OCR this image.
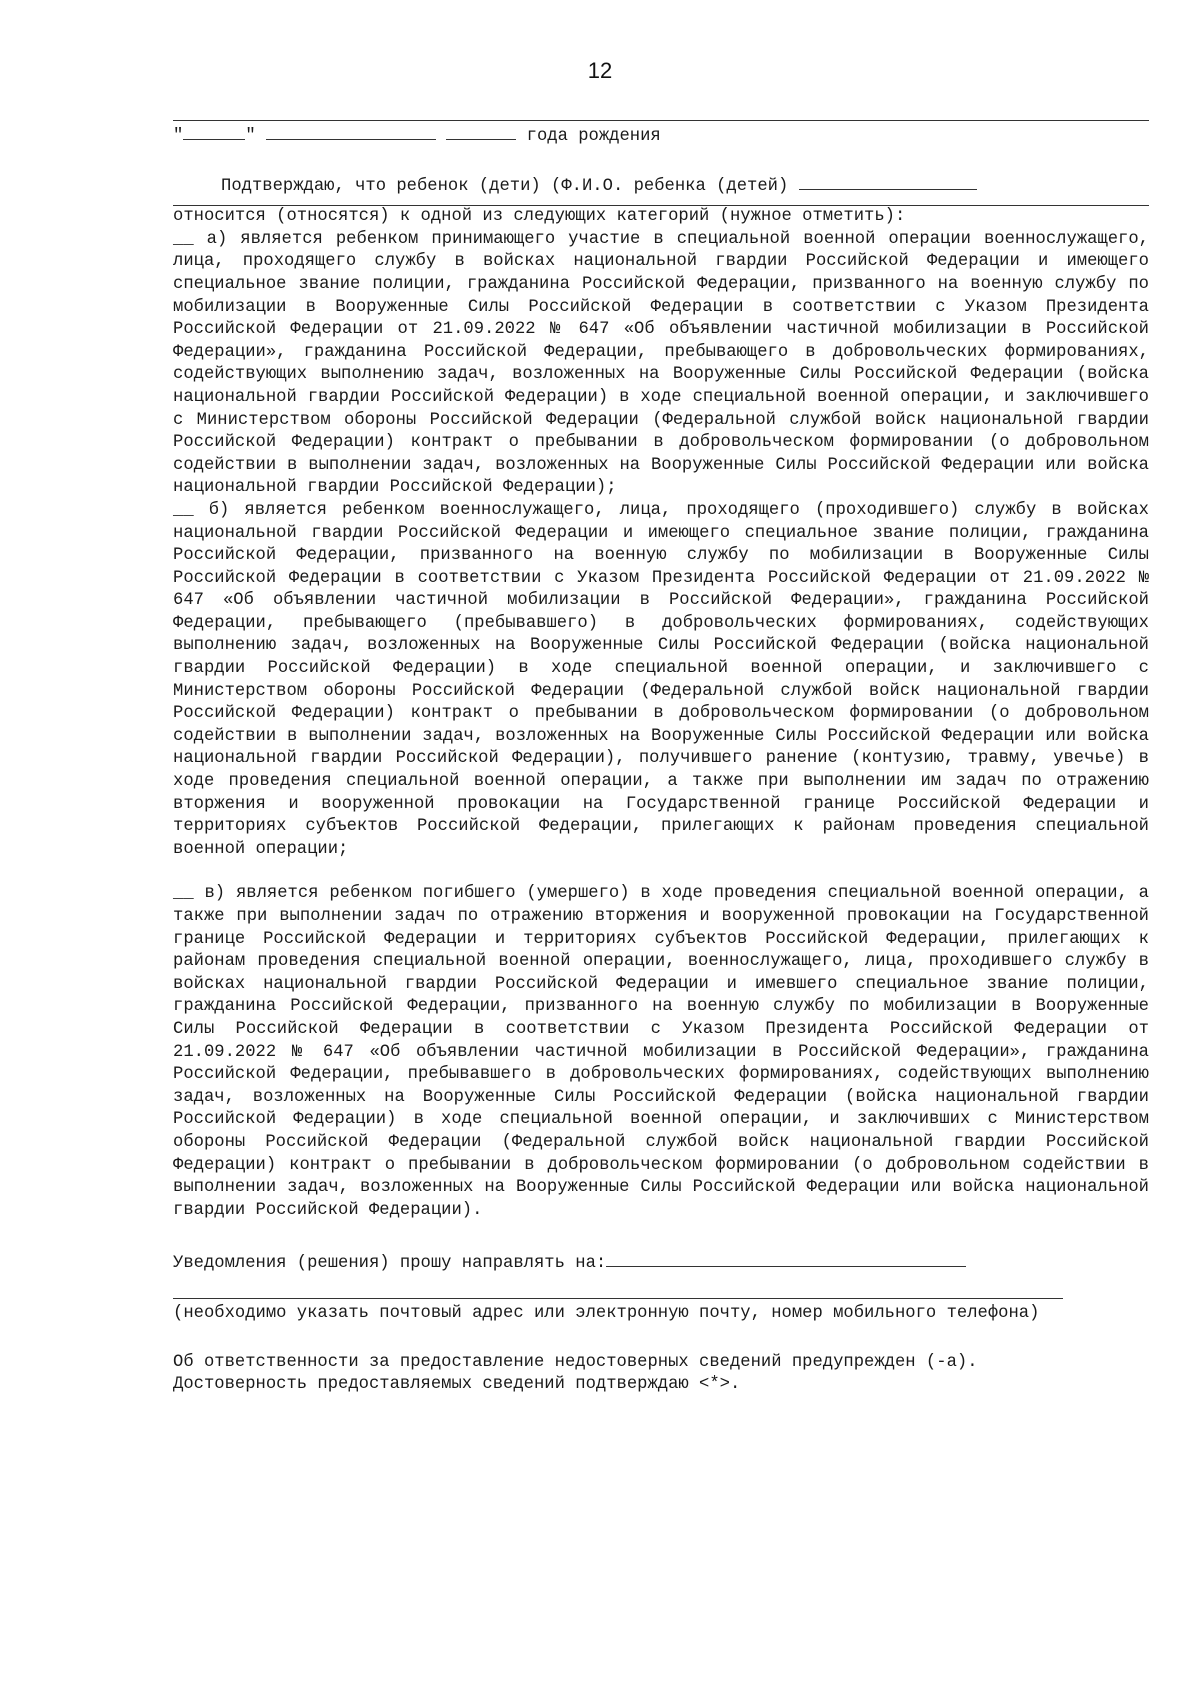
12
"	"	года рождения
Подтверждаю, что ребенок (дети) (Ф.И.О. ребенка (детей)

относится (относятся) к одной из следующих категорий (нужное отметить):

__ а) является ребенком принимающего участие в специальной военной операции военнослужащего, лица, проходящего службу в войсках национальной гвардии Российской Федерации и имеющего специальное звание полиции, гражданина Российской Федерации, призванного на военную службу по мобилизации в Вооруженные Силы Российской Федерации в соответствии с Указом Президента Российской Федерации от 21.09.2022 № 647 «Об объявлении частичной мобилизации в Российской Федерации», гражданина Российской Федерации, пребывающего в добровольческих формированиях, содействующих выполнению задач, возложенных на Вооруженные Силы Российской Федерации (войска национальной гвардии Российской Федерации) в ходе специальной военной операции, и заключившего с Министерством обороны Российской Федерации (Федеральной службой войск национальной гвардии Российской Федерации) контракт о пребывании в добровольческом формировании (о добровольном содействии в выполнении задач, возложенных на Вооруженные Силы Российской Федерации или войска национальной гвардии Российской Федерации);

__ б) является ребенком военнослужащего, лица, проходящего (проходившего) службу в войсках национальной гвардии Российской Федерации и имеющего специальное звание полиции, гражданина Российской Федерации, призванного на военную службу по мобилизации в Вооруженные Силы Российской Федерации в соответствии с Указом Президента Российской Федерации от 21.09.2022 № 647 «Об объявлении частичной мобилизации в Российской Федерации», гражданина Российской Федерации, пребывающего (пребывавшего) в добровольческих формированиях, содействующих выполнению задач, возложенных на Вооруженные Силы Российской Федерации (войска национальной гвардии Российской Федерации) в ходе специальной военной операции, и заключившего с Министерством обороны Российской Федерации (Федеральной службой войск национальной гвардии Российской Федерации) контракт о пребывании в добровольческом формировании (о добровольном содействии в выполнении задач, возложенных на Вооруженные Силы Российской Федерации или войска национальной гвардии Российской Федерации), получившего ранение (контузию, травму, увечье) в ходе проведения специальной военной операции, а также при выполнении им задач по отражению вторжения и вооруженной провокации на Государственной границе Российской Федерации и территориях субъектов Российской Федерации, прилегающих к районам проведения специальной военной операции;

__ в) является ребенком погибшего (умершего) в ходе проведения специальной военной операции, а также при выполнении задач по отражению вторжения и вооруженной провокации на Государственной границе Российской Федерации и территориях субъектов Российской Федерации, прилегающих к районам проведения специальной военной операции, военнослужащего, лица, проходившего службу в войсках национальной гвардии Российской Федерации и имевшего специальное звание полиции, гражданина Российской Федерации, призванного на военную службу по мобилизации в Вооруженные Силы Российской Федерации в соответствии с Указом Президента Российской Федерации от 21.09.2022 № 647 «Об объявлении частичной мобилизации в Российской Федерации», гражданина Российской Федерации, пребывавшего в добровольческих формированиях, содействующих выполнению задач, возложенных на Вооруженные Силы Российской Федерации (войска национальной гвардии Российской Федерации) в ходе специальной военной операции, и заключивших с Министерством обороны Российской Федерации (Федеральной службой войск национальной гвардии Российской Федерации) контракт о пребывании в добровольческом формировании (о добровольном содействии в выполнении задач, возложенных на Вооруженные Силы Российской Федерации или войска национальной гвардии Российской Федерации).

Уведомления (решения) прошу направлять на:

(необходимо указать почтовый адрес или электронную почту, номер мобильного телефона)

Об ответственности за предоставление недостоверных сведений предупрежден (-а). Достоверность предоставляемых сведений подтверждаю <*>.
